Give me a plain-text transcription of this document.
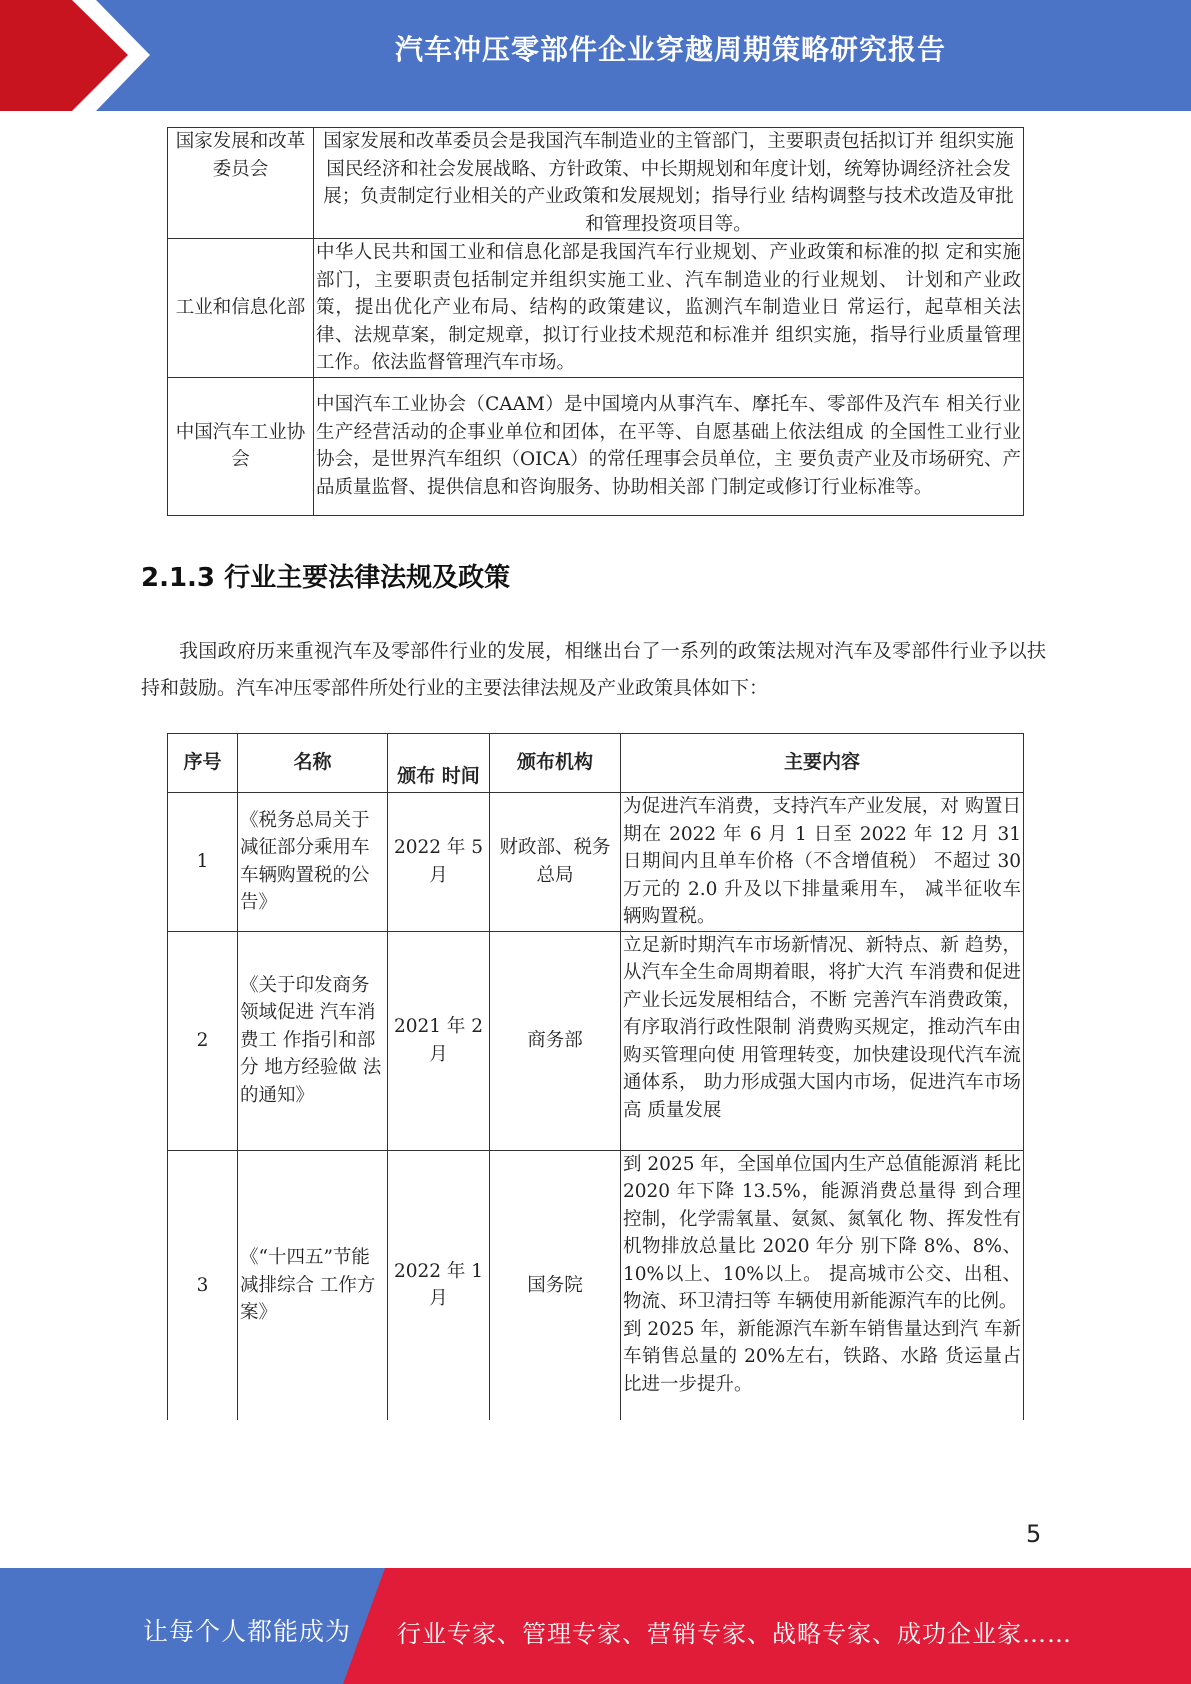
汽车冲压零部件企业穿越周期策略研究报告
国家发展和改革委员会	国家发展和改革委员会是我国汽车制造业的主管部门，主要职责包括拟订并 组织实施国民经济和社会发展战略、方针政策、中长期规划和年度计划，统筹协调经济社会发展；负责制定行业相关的产业政策和发展规划；指导行业 结构调整与技术改造及审批和管理投资项目等。
工业和信息化部	中华人民共和国工业和信息化部是我国汽车行业规划、产业政策和标准的拟 定和实施部门，主要职责包括制定并组织实施工业、汽车制造业的行业规划、 计划和产业政策，提出优化产业布局、结构的政策建议，监测汽车制造业日 常运行，起草相关法律、法规草案，制定规章，拟订行业技术规范和标准并 组织实施，指导行业质量管理工作。依法监督管理汽车市场。
中国汽车工业协会	中国汽车工业协会（CAAM）是中国境内从事汽车、摩托车、零部件及汽车 相关行业生产经营活动的企事业单位和团体，在平等、自愿基础上依法组成 的全国性工业行业协会，是世界汽车组织（OICA）的常任理事会员单位，主 要负责产业及市场研究、产品质量监督、提供信息和咨询服务、协助相关部 门制定或修订行业标准等。
2.1.3 行业主要法律法规及政策
我国政府历来重视汽车及零部件行业的发展，相继出台了一系列的政策法规对汽车及零部件行业予以扶持和鼓励。汽车冲压零部件所处行业的主要法律法规及产业政策具体如下：
序号	名称	颁布 时间	颁布机构	主要内容
1	《税务总局关于减征部分乘用车车辆购置税的公告》	2022 年 5 月	财政部、税务总局	为促进汽车消费，支持汽车产业发展，对 购置日期在 2022 年 6 月 1 日至 2022 年 12 月 31 日期间内且单车价格（不含增值税） 不超过 30 万元的 2.0 升及以下排量乘用车， 减半征收车辆购置税。
2	《关于印发商务领域促进 汽车消费工 作指引和部分 地方经验做 法的通知》	2021 年 2 月	商务部	立足新时期汽车市场新情况、新特点、新 趋势，从汽车全生命周期着眼，将扩大汽 车消费和促进产业长远发展相结合，不断 完善汽车消费政策，有序取消行政性限制 消费购买规定，推动汽车由购买管理向使 用管理转变，加快建设现代汽车流通体系， 助力形成强大国内市场，促进汽车市场高 质量发展
3	《“十四五”节能减排综合 工作方案》	2022 年 1 月	国务院	到 2025 年，全国单位国内生产总值能源消 耗比 2020 年下降 13.5%，能源消费总量得 到合理控制，化学需氧量、氨氮、氮氧化 物、挥发性有机物排放总量比 2020 年分 别下降 8%、8%、10%以上、10%以上。 提高城市公交、出租、物流、环卫清扫等 车辆使用新能源汽车的比例。
到 2025 年，新能源汽车新车销售量达到汽 车新车销售总量的 20%左右，铁路、水路 货运量占比进一步提升。
5
让每个人都能成为 行业专家、管理专家、营销专家、战略专家、成功企业家……
